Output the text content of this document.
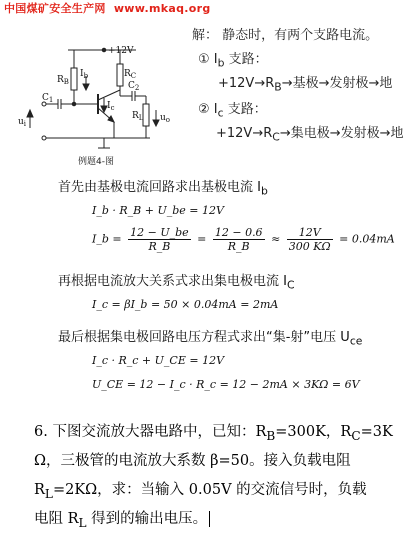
中国煤矿安全生产网 www.mkaq.org
+12V
$R_B$
$I_b$	$R_C$
$C_1$
$C_2$
$I_c$
$R_L$
$u_i$
$u_o$
例题4-图
解： 静态时，有两个支路电流。
① $I_b$ 支路：
$+12V\to R_B\to$基极→发射极→地
② $I_c$ 支路：
$+12V\to R_C\to$集电极→发射极→地
首先由基极电流回路求出基极电流 $I_b$
I_b · R_B + U_be = 12V
I_b = $\frac{12 - U\_be}{R\_B} = \frac{12 - 0.6}{R\_B} \approx \frac{12V}{300 K\Omega} = 0.04mA$
再根据电流放大关系式求出集电极电流 $I_C$
I_c = βI_b = 50 × 0.04mA = 2mA
最后根据集电极回路电压方程式求出“集-射”电压 $U_{ce}$
I_c · R_c + U_CE = 12V
U_CE = 12 − I_c · R_c = 12 − 2mA × 3KΩ = 6V
6. 下图交流放大器电路中，已知：$R_B=300K$，$R_C=3K$
Ω，三极管的电流放大系数 β=50。接入负载电阻
$R_L=2K\Omega$，求：当输入 0.05V 的交流信号时，负载
电阻 $R_L$ 得到的输出电压。
